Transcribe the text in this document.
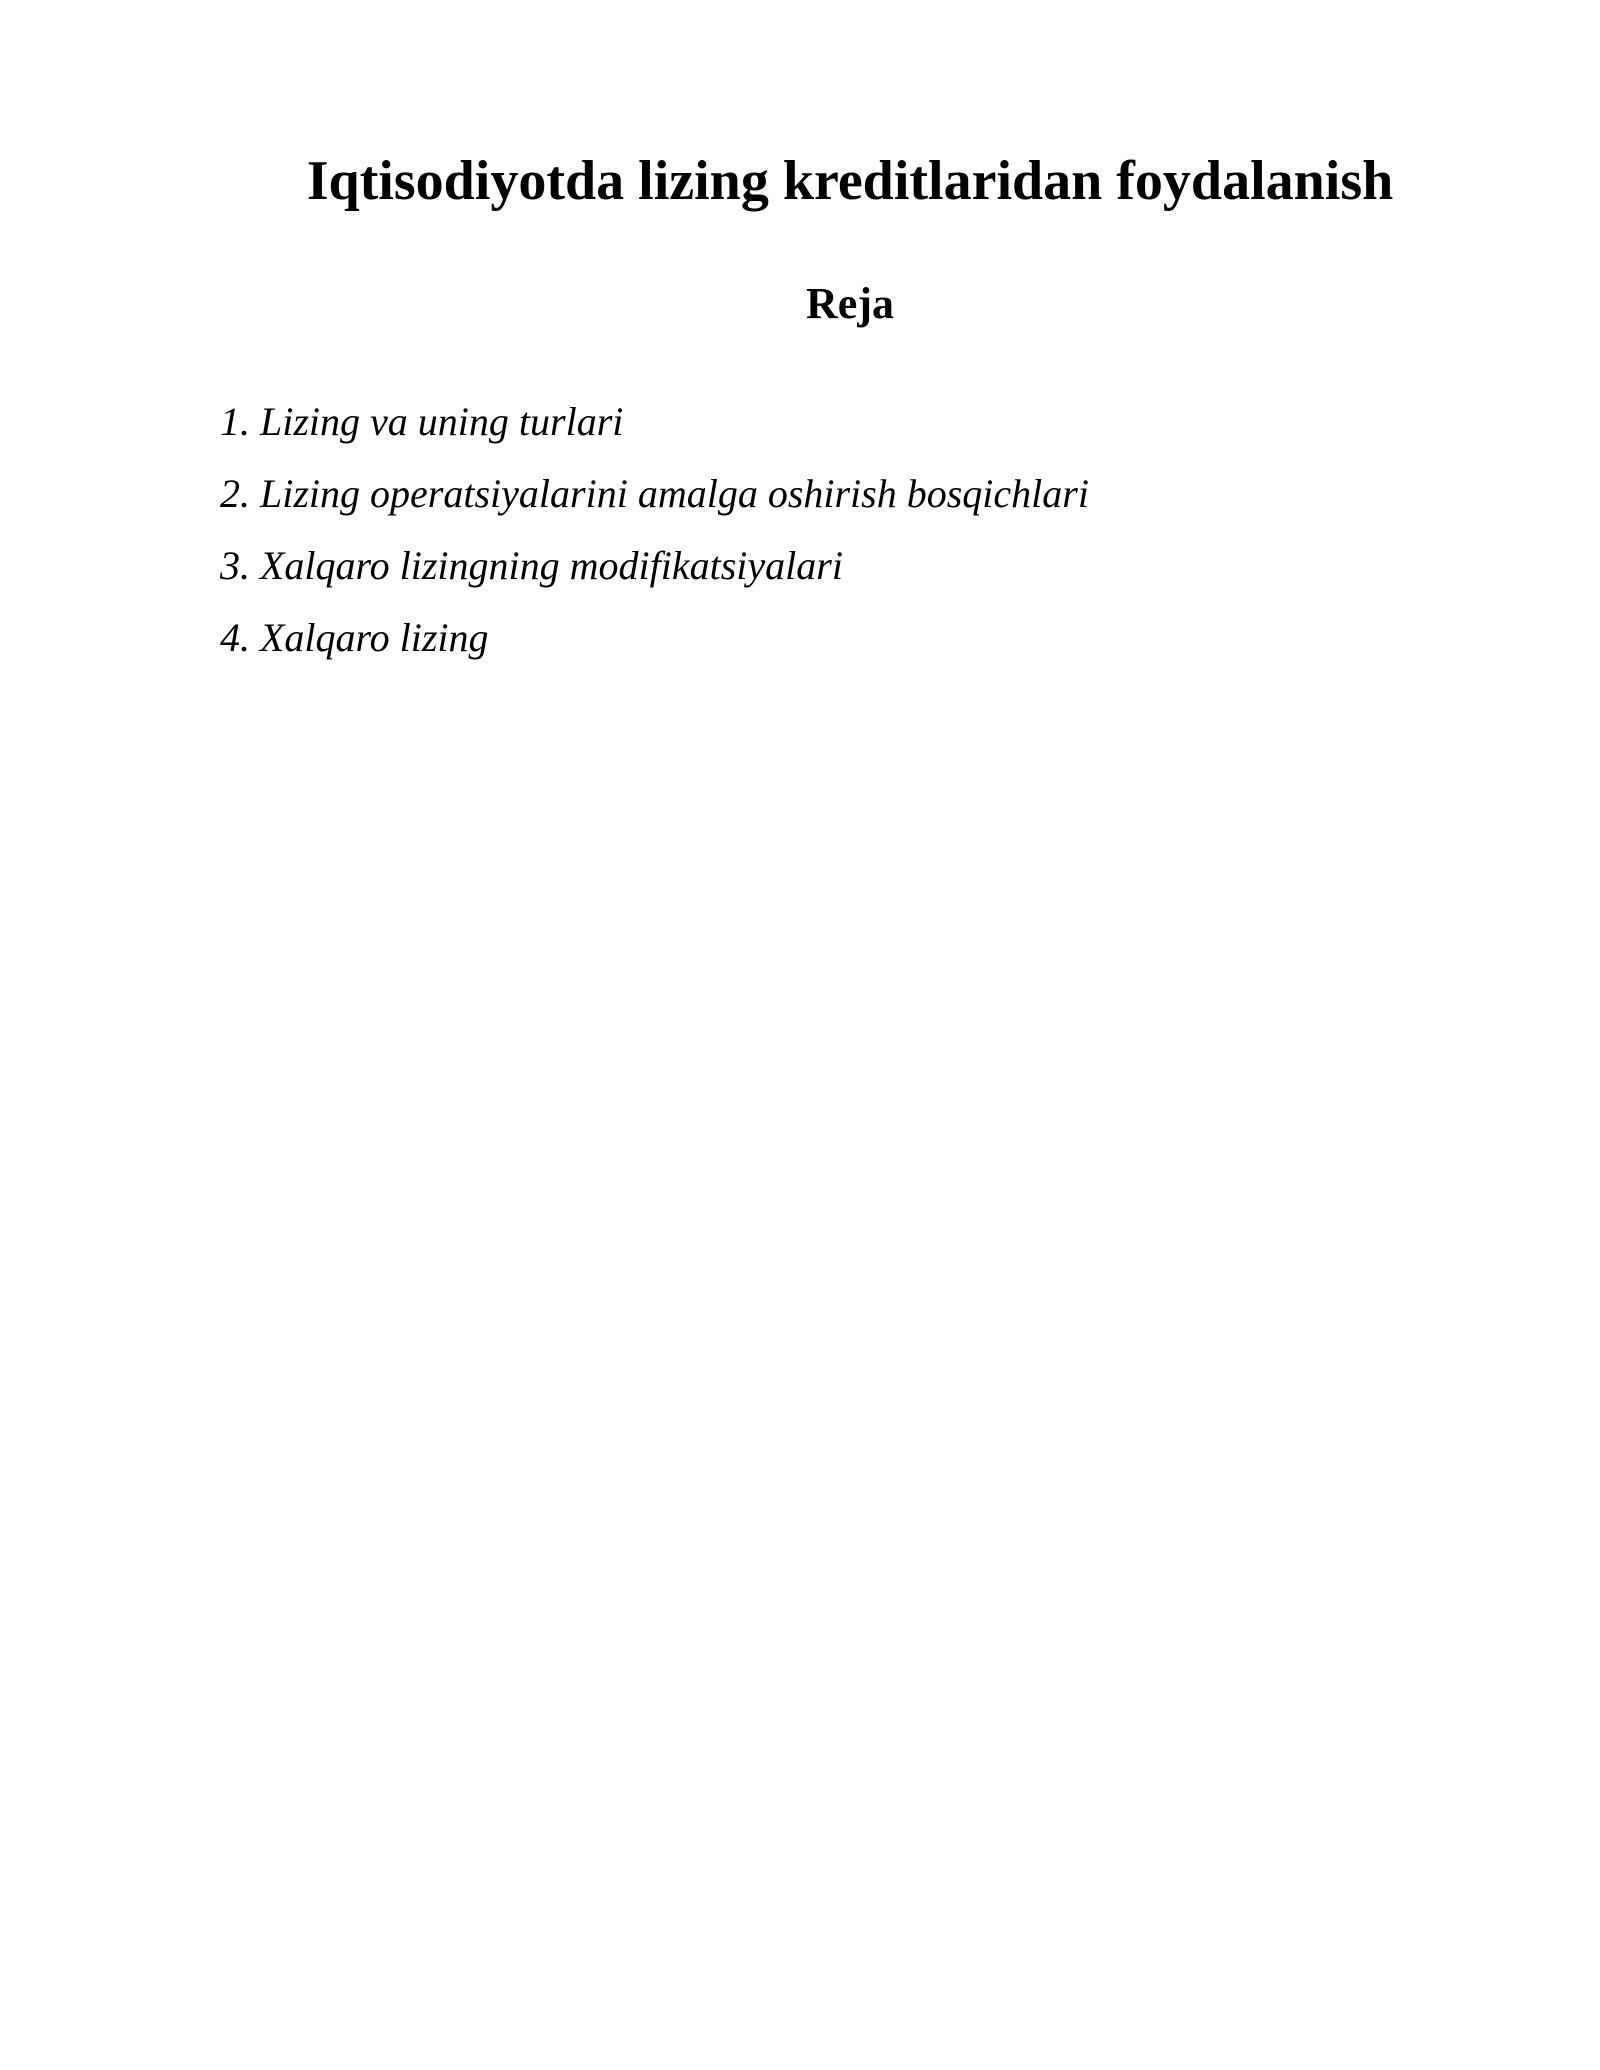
Iqtisodiyotda lizing kreditlaridan foydalanish
Reja
1. Lizing va uning turlari
2. Lizing operatsiyalarini amalga oshirish bosqichlari
3. Xalqaro lizingning modifikatsiyalari
4. Xalqaro lizing
